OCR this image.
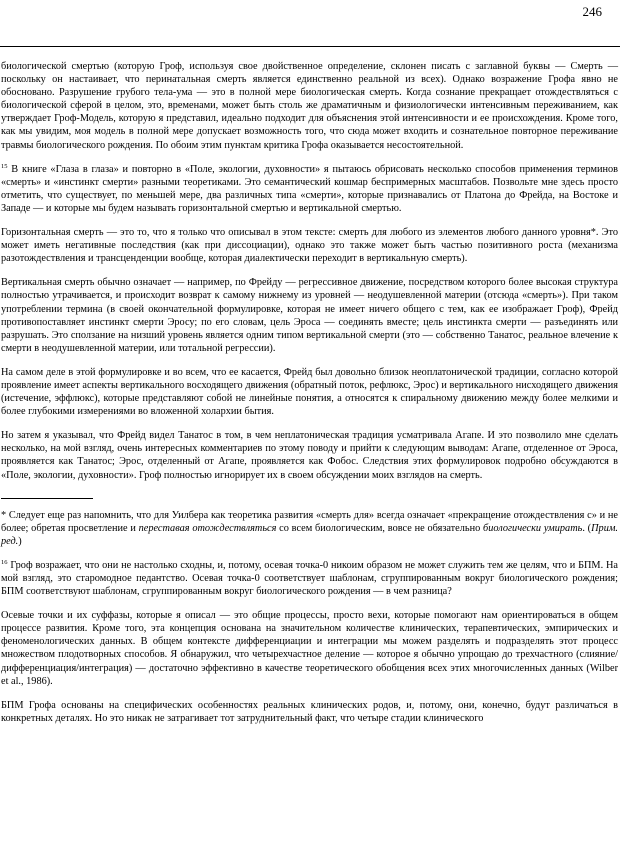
246

биологической смертью (которую Гроф, используя свое двойственное определение, склонен писать с заглавной буквы — Смерть — поскольку он настаивает, что перинатальная смерть является единственно реальной из всех). Однако возражение Грофа явно не обосновано. Разрушение грубого тела-ума — это в полной мере биологическая смерть. Когда сознание прекращает отождествляться с биологической сферой в целом, это, временами, может быть столь же драматичным и физиологически интенсивным переживанием, как утверждает Гроф-Модель, которую я представил, идеально подходит для объяснения этой интенсивности и ее происхождения. Кроме того, как мы увидим, моя модель в полной мере допускает возможность того, что сюда может входить и сознательное повторное переживание травмы биологического рождения. По обоим этим пунктам критика Грофа оказывается несостоятельной.

$^{15}$ В книге «Глаза в глаза» и повторно в «Поле, экологии, духовности» я пытаюсь обрисовать несколько способов применения терминов «смерть» и «инстинкт смерти» разными теоретиками. Это семантический кошмар беспримерных масштабов. Позвольте мне здесь просто отметить, что существует, по меньшей мере, два различных типа «смерти», которые признавались от Платона до Фрейда, на Востоке и Западе — и которые мы будем называть горизонтальной смертью и вертикальной смертью.

Горизонтальная смерть — это то, что я только что описывал в этом тексте: смерть для любого из элементов любого данного уровня*. Это может иметь негативные последствия (как при диссоциации), однако это также может быть частью позитивного роста (механизма разотождествления и трансценденции вообще, которая диалектически переходит в вертикальную смерть).

Вертикальная смерть обычно означает — например, по Фрейду — регрессивное движение, посредством которого более высокая структура полностью утрачивается, и происходит возврат к самому нижнему из уровней — неодушевленной материи (отсюда «смерть»). При таком употреблении термина (в своей окончательной формулировке, которая не имеет ничего общего с тем, как ее изображает Гроф), Фрейд противопоставляет инстинкт смерти Эросу; по его словам, цель Эроса — соединять вместе; цель инстинкта смерти — разъединять или разрушать. Это сползание на низший уровень является одним типом вертикальной смерти (это — собственно Танатос, реальное влечение к смерти в неодушевленной материи, или тотальной регрессии).

На самом деле в этой формулировке и во всем, что ее касается, Фрейд был довольно близок неоплатонической традиции, согласно которой проявление имеет аспекты вертикального восходящего движения (обратный поток, рефлюкс, Эрос) и вертикального нисходящего движения (истечение, эффлюкс), которые представляют собой не линейные понятия, а относятся к спиральному движению между более мелкими и более глубокими измерениями во вложенной холархии бытия.

Но затем я указывал, что Фрейд видел Танатос в том, в чем неплатоническая традиция усматривала Агапе. И это позволило мне сделать несколько, на мой взгляд, очень интересных комментариев по этому поводу и прийти к следующим выводам: Агапе, отделенное от Эроса, проявляется как Танатос; Эрос, отделенный от Агапе, проявляется как Фобос. Следствия этих формулировок подробно обсуждаются в «Поле, экологии, духовности». Гроф полностью игнорирует их в своем обсуждении моих взглядов на смерть.

* Следует еще раз напомнить, что для Уилбера как теоретика развития «смерть для» всегда означает «прекращение отождествления с» и не более; обретая просветление и переставая отождествляться со всем биологическим, вовсе не обязательно биологически умирать. (Прим. ред.)

$^{16}$ Гроф возражает, что они не настолько сходны, и, потому, осевая точка-0 никоим образом не может служить тем же целям, что и БПМ. На мой взгляд, это старомодное педантство. Осевая точка-0 соответствует шаблонам, сгруппированным вокруг биологического рождения; БПМ соответствуют шаблонам, сгруппированным вокруг биологического рождения — в чем разница?

Осевые точки и их суффазы, которые я описал — это общие процессы, просто вехи, которые помогают нам ориентироваться в общем процессе развития. Кроме того, эта концепция основана на значительном количестве клинических, терапевтических, эмпирических и феноменологических данных. В общем контексте дифференциации и интеграции мы можем разделять и подразделять этот процесс множеством плодотворных способов. Я обнаружил, что четырехчастное деление — которое я обычно упрощаю до трехчастного (слияние/дифференциация/интеграция) — достаточно эффективно в качестве теоретического обобщения всех этих многочисленных данных (Wilber et al., 1986).

БПМ Грофа основаны на специфических особенностях реальных клинических родов, и, потому, они, конечно, будут различаться в конкретных деталях. Но это никак не затрагивает тот затруднительный факт, что четыре стадии клинического
